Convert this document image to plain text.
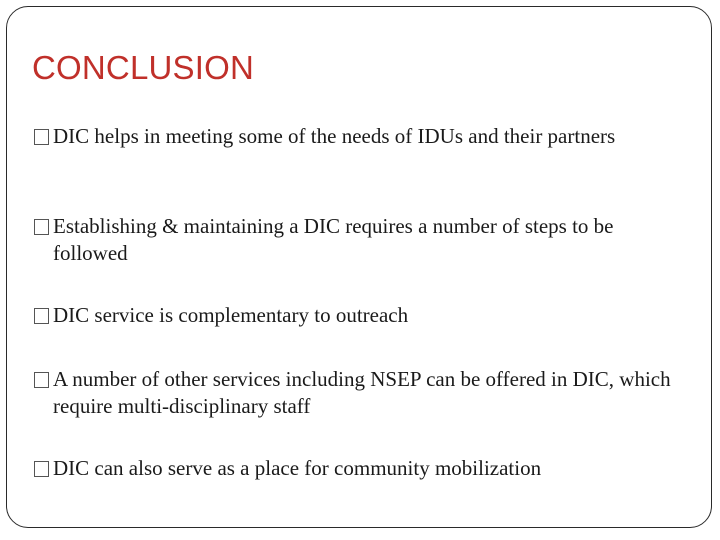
CONCLUSION
DIC helps in meeting some of the needs of IDUs and their partners
Establishing & maintaining a DIC requires a number of steps to be followed
DIC service is complementary to outreach
A number of other services including NSEP can be offered in DIC, which require multi-disciplinary staff
DIC can also serve as a place for community mobilization
